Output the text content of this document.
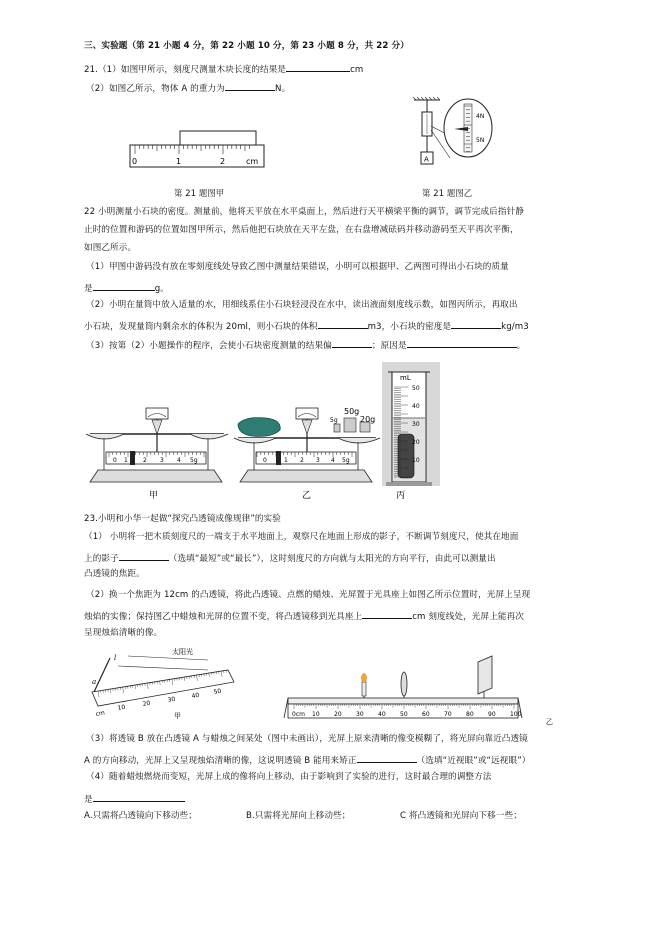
三、实验题（第 21 小题 4 分，第 22 小题 10 分，第 23 小题 8 分，共 22 分）
21.（1）如图甲所示，刻度尺测量木块长度的结果是	cm
（2）如图乙所示，物体 A 的重力为	N。
0	1	2	cm
第 21 题图甲
A
4N
5N
第 21 题图乙
22 小明测量小石块的密度。测量前，他将天平放在水平桌面上，然后进行天平横梁平衡的调节，调节完成后指针静
止时的位置和游码的位置如图甲所示，然后他把石块放在天平左盘，在右盘增减砝码并移动游码至天平再次平衡，
如图乙所示。
（1）甲图中游码没有放在零刻度线处导致乙图中测量结果错误，小明可以根据甲、乙两图可得出小石块的质量
是	g。
（2）小明在量筒中放入适量的水，用细线系住小石块轻浸没在水中，读出液面刻度线示数，如图丙所示，再取出
小石块，发现量筒内剩余水的体积为 20ml，则小石块的体积	m3，小石块的密度是	kg/m3
（3）按第（2）小题操作的程序，会使小石块密度测量的结果偏	；原因是	。
0 1	2 3 4 5g
甲
50g
20g
5g
0	1 2 3 4 5g
乙
mL
50
40
30
20
10
丙
23.小明和小华一起做“探究凸透镜成像规律”的实验
（1） 小明将一把木质刻度尺的一端支于水平地面上，观察尺在地面上形成的影子，不断调节刻度尺，使其在地面
上的影子	（选填“最短”或“最长”），这时刻度尺的方向就与太阳光的方向平行，由此可以测量出
凸透镜的焦距。
（2）换一个焦距为 12cm 的凸透镜，将此凸透镜、点燃的蜡烛、光屏置于光具座上如图乙所示位置时，光屏上呈现
烛焰的实像；保持图乙中蜡烛和光屏的位置不变，将凸透镜移到光具座上	cm 刻度线处，光屏上能再次
呈现烛焰清晰的像。
太阳光
l
a
cm
10	20	30	40 50
甲	0cm 10 20 30 40 50 60 70 80 90 100
乙
（3）将透镜 B 放在凸透镜 A 与蜡烛之间某处（图中未画出），光屏上原来清晰的像变模糊了，将光屏向靠近凸透镜
A 的方向移动，光屏上又呈现烛焰清晰的像，这说明透镜 B 能用来矫正	（选填“近视眼”或“远视眼”）
（4）随着蜡烛燃烧而变短，光屏上成的像将向上移动，由于影响到了实验的进行，这时最合理的调整方法
是
A.只需将凸透镜向下移动些；	B.只需将光屏向上移动些；	C 将凸透镜和光屏向下移一些；
